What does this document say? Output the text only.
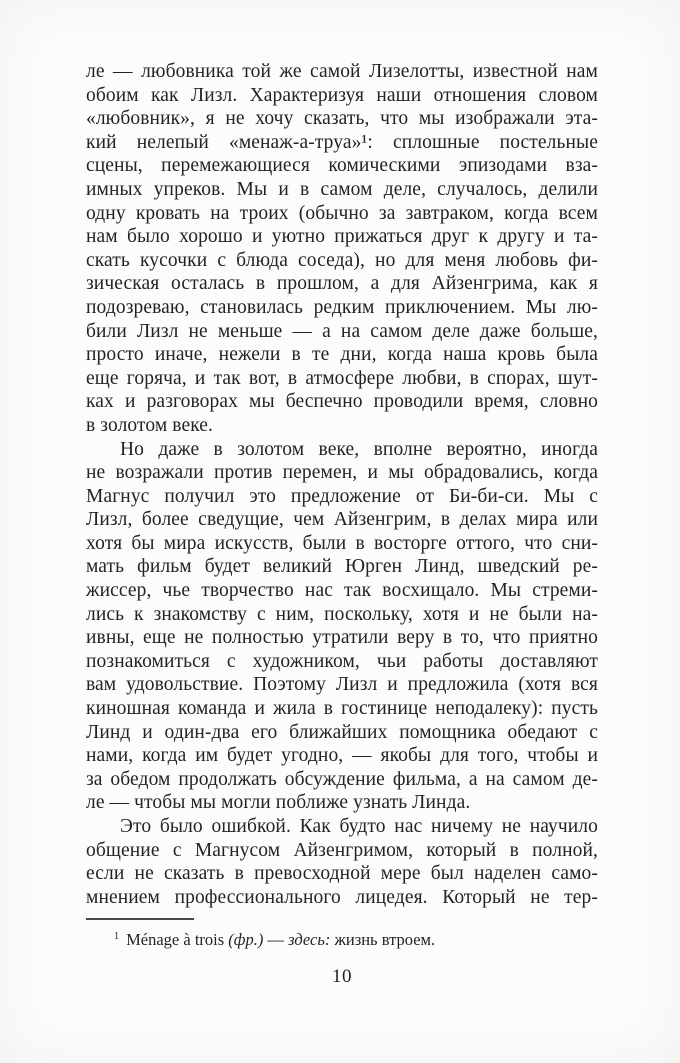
ле — любовника той же самой Лизелотты, известной нам
обоим как Лизл. Характеризуя наши отношения словом
«любовник», я не хочу сказать, что мы изображали эта-
кий нелепый «менаж-а-труа»¹: сплошные постельные
сцены, перемежающиеся комическими эпизодами вза-
имных упреков. Мы и в самом деле, случалось, делили
одну кровать на троих (обычно за завтраком, когда всем
нам было хорошо и уютно прижаться друг к другу и та-
скать кусочки с блюда соседа), но для меня любовь фи-
зическая осталась в прошлом, а для Айзенгрима, как я
подозреваю, становилась редким приключением. Мы лю-
били Лизл не меньше — а на самом деле даже больше,
просто иначе, нежели в те дни, когда наша кровь была
еще горяча, и так вот, в атмосфере любви, в спорах, шут-
ках и разговорах мы беспечно проводили время, словно
в золотом веке.
Но даже в золотом веке, вполне вероятно, иногда
не возражали против перемен, и мы обрадовались, когда
Магнус получил это предложение от Би-би-си. Мы с
Лизл, более сведущие, чем Айзенгрим, в делах мира или
хотя бы мира искусств, были в восторге оттого, что сни-
мать фильм будет великий Юрген Линд, шведский ре-
жиссер, чье творчество нас так восхищало. Мы стреми-
лись к знакомству с ним, поскольку, хотя и не были на-
ивны, еще не полностью утратили веру в то, что приятно
познакомиться с художником, чьи работы доставляют
вам удовольствие. Поэтому Лизл и предложила (хотя вся
киношная команда и жила в гостинице неподалеку): пусть
Линд и один-два его ближайших помощника обедают с
нами, когда им будет угодно, — якобы для того, чтобы и
за обедом продолжать обсуждение фильма, а на самом де-
ле — чтобы мы могли поближе узнать Линда.
Это было ошибкой. Как будто нас ничему не научило
общение с Магнусом Айзенгримом, который в полной,
если не сказать в превосходной мере был наделен само-
мнением профессионального лицедея. Который не тер-
$^1$ Ménage à trois (фр.) — здесь: жизнь втроем.
10
